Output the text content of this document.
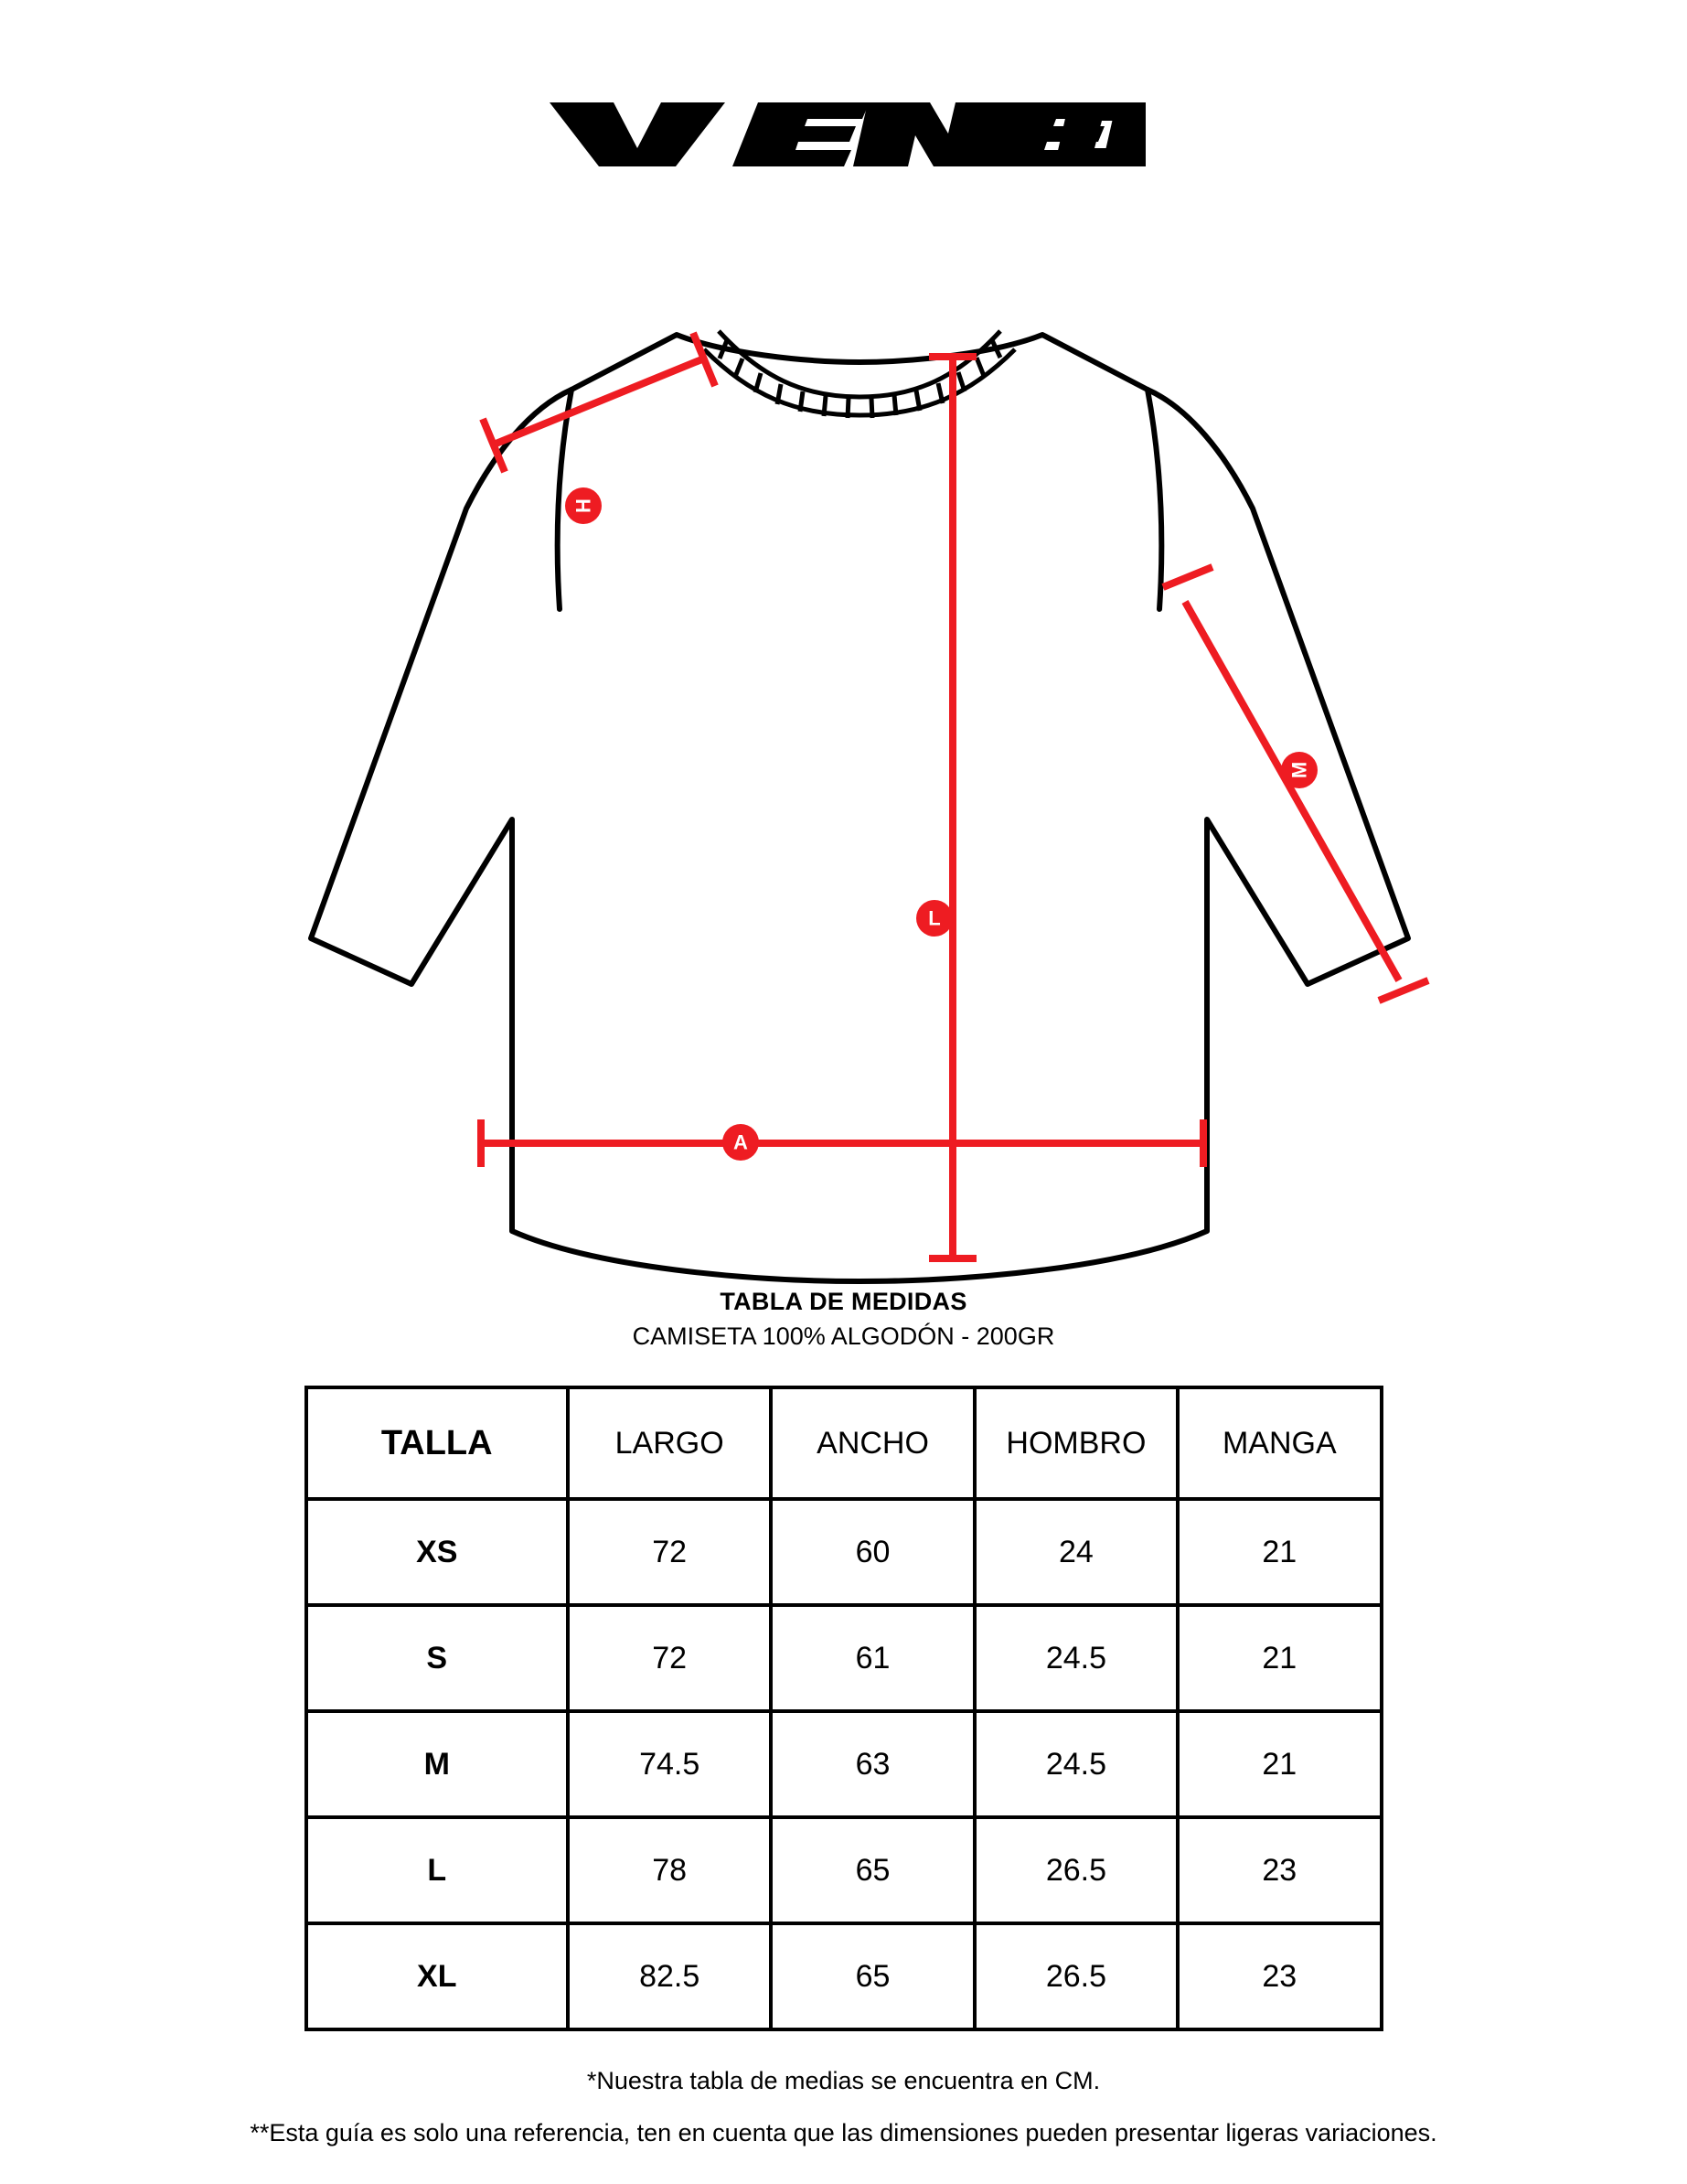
H
M
L
A
TABLA DE MEDIDAS
CAMISETA 100% ALGODÓN - 200GR
TALLA	LARGO	ANCHO	HOMBRO	MANGA
XS	72	60	24	21
S	72	61	24.5	21
M	74.5	63	24.5	21
L	78	65	26.5	23
XL	82.5	65	26.5	23
*Nuestra tabla de medias se encuentra en CM.
**Esta guía es solo una referencia, ten en cuenta que las dimensiones pueden presentar ligeras variaciones.
